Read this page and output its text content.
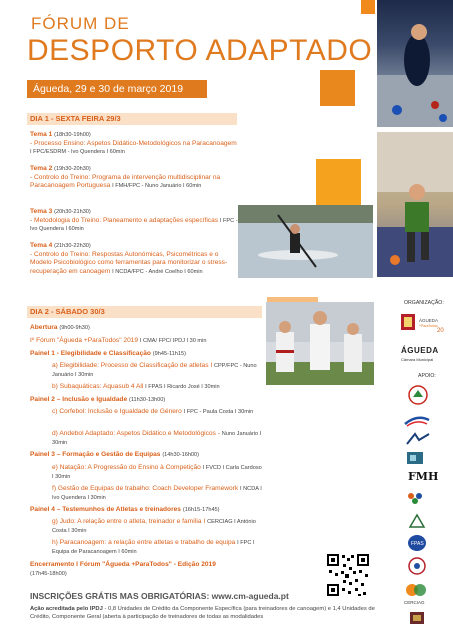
FÓRUM DE
DESPORTO ADAPTADO
Águeda, 29 e 30 de março 2019
DIA 1 - SEXTA FEIRA 29/3
Tema 1 (18h30-19h00)
- Processo Ensino: Aspetos Didático-Metodológicos na Paracanoagem I FPC/ESDRM - Ivo Quendera I 60min
Tema 2 (19h30-20h30)
- Controlo do Treino: Programa de intervenção multidisciplinar na Paracanoagem Portuguesa I FMH/FPC - Nuno Januário I 60min
Tema 3 (20h30-21h30)
- Metodologia do Treino: Planeamento e adaptações específicas I FPC - Ivo Quendera I 60min
Tema 4 (21h30-22h30)
- Controlo do Treino: Respostas Autonómicas, Psicométricas e o Modelo Psicobiológico como ferramentas para monitorizar o stress-recuperação em canoagem I NCDA/FPC - André Coelho I 60min
DIA 2 - SÁBADO 30/3
Abertura (9h00-9h30)
Iº Fórum "Águeda +ParaTodos" 2019 I CMA/ FPC/ IPDJ I 30 min
Painel 1 - Elegibilidade e Classificação (9h45-11h15)
a) Elegibilidade: Processo de Classificação de atletas I CPP/FPC - Nuno Januário I 30min
b) Subaquáticas: Aquasub 4 All I FPAS I Ricardo José I 30min
Painel 2 – Inclusão e Igualdade (11h30-13h00)
c) Corfebol: Inclusão e Igualdade de Género I FPC - Paula Costa I 30min
d) Andebol Adaptado: Aspetos Didático e Metodológicos - Nuno Januário I 30min
Painel 3 – Formação e Gestão de Equipas (14h30-16h00)
e) Natação: A Progressão do Ensino à Competição I FVCD I Carla Cardoso I 30min
f) Gestão de Equipas de trabalho: Coach Developer Framework I NCDA I Ivo Quendera I 30min
Painel 4 – Testemunhos de Atletas e treinadores (16h15-17h45)
g) Judo: A relação entre o atleta, treinador e família I CERCIAG I António Costa I 30min
h) Paracanoagem: a relação entre atletas e trabalho de equipa I FPC I Equipa de Paracanoagem I 60min
Encerramento I Fórum "Águeda +ParaTodos" - Edição 2019
(17h45-18h00)
INSCRIÇÕES GRÁTIS MAS OBRIGATÓRIAS: www.cm-agueda.pt
Ação acreditada pelo IPDJ - 0,8 Unidades de Crédito da Componente Específica (para treinadores de canoagem) e 1,4 Unidades de Crédito, Componente Geral (aberta à participação de treinadores de todas as modalidades
ORGANIZAÇÃO:
ÁGUEDA
+ParaTodos
20
ÁGUEDA
Câmara Municipal
APOIO:
FMH
FPAS
CERCIAG
